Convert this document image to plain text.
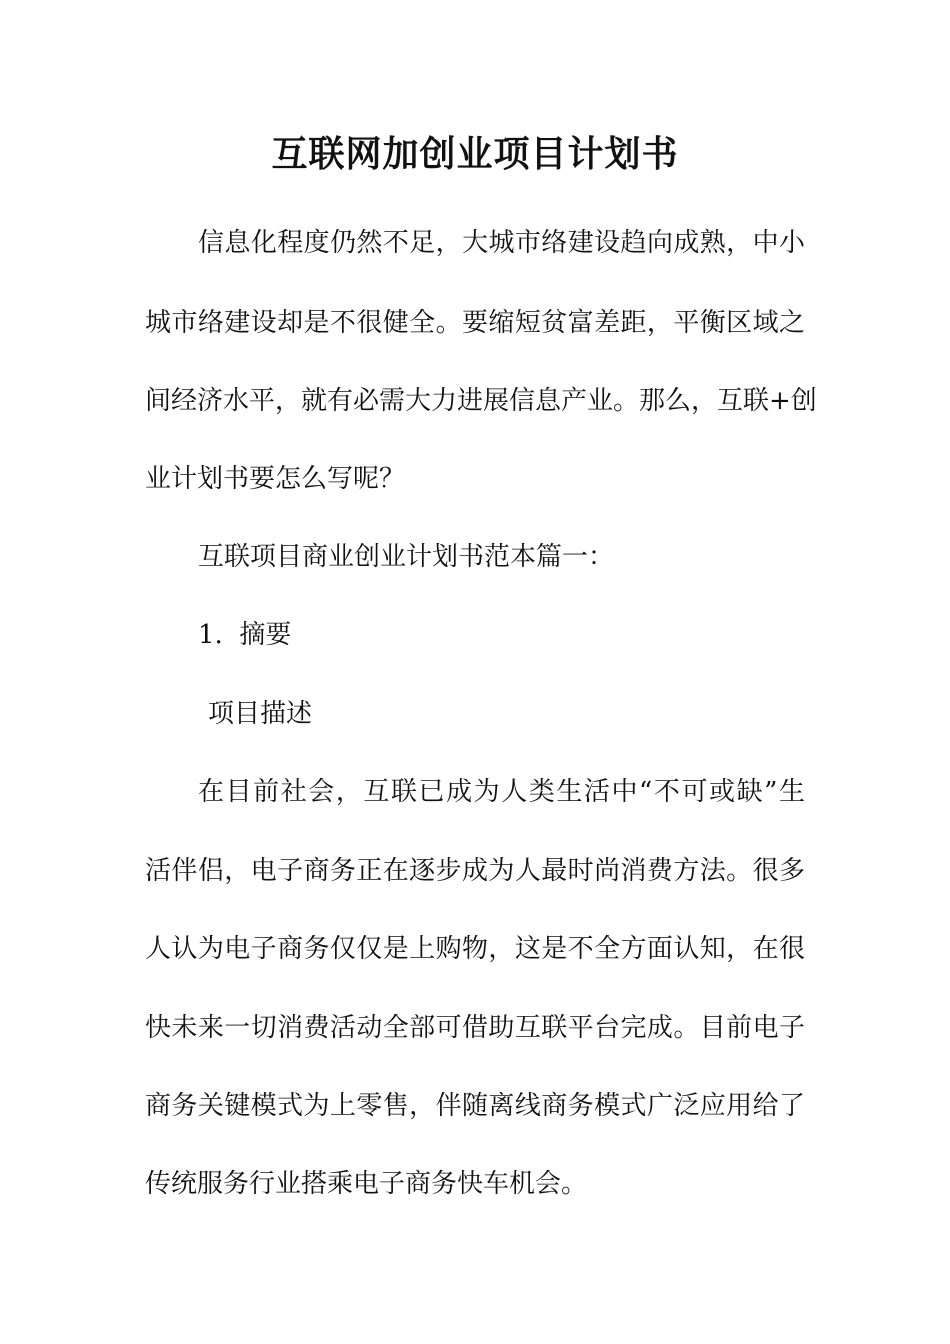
互联网加创业项目计划书
信息化程度仍然不足，大城市络建设趋向成熟，中小
城市络建设却是不很健全。要缩短贫富差距，平衡区域之
间经济水平，就有必需大力进展信息产业。那么，互联+创
业计划书要怎么写呢？
互联项目商业创业计划书范本篇一：
1.  摘要
项目描述
在目前社会，互联已成为人类生活中“不可或缺”生
活伴侣，电子商务正在逐步成为人最时尚消费方法。很多
人认为电子商务仅仅是上购物，这是不全方面认知，在很
快未来一切消费活动全部可借助互联平台完成。目前电子
商务关键模式为上零售，伴随离线商务模式广泛应用给了
传统服务行业搭乘电子商务快车机会。
